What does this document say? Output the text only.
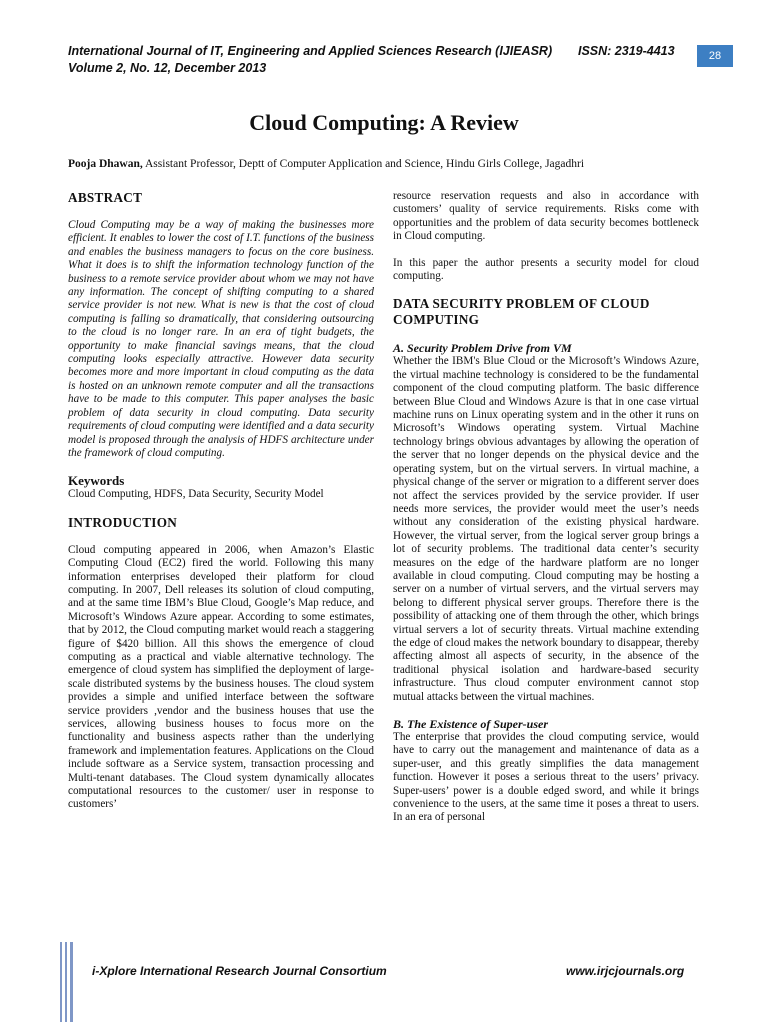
International Journal of IT, Engineering and Applied Sciences Research (IJIEASR)
Volume 2, No. 12, December 2013
ISSN: 2319-4413	28
Cloud Computing: A Review
Pooja Dhawan, Assistant Professor, Deptt of Computer Application and Science, Hindu Girls College, Jagadhri
ABSTRACT

Cloud Computing may be a way of making the businesses more efficient. It enables to lower the cost of I.T. functions of the business and enables the business managers to focus on the core business. What it does is to shift the information technology function of the business to a remote service provider about whom we may not have any information. The concept of shifting computing to a shared service provider is not new. What is new is that the cost of cloud computing is falling so dramatically, that considering outsourcing to the cloud is no longer rare. In an era of tight budgets, the opportunity to make financial savings means, that the cloud computing looks especially attractive. However data security becomes more and more important in cloud computing as the data is hosted on an unknown remote computer and all the transactions have to be made to this computer. This paper analyses the basic problem of data security in cloud computing. Data security requirements of cloud computing were identified and a data security model is proposed through the analysis of HDFS architecture under the framework of cloud computing.

Keywords

Cloud Computing, HDFS, Data Security, Security Model

INTRODUCTION

Cloud computing appeared in 2006, when Amazon’s Elastic Computing Cloud (EC2) fired the world. Following this many information enterprises developed their platform for cloud computing. In 2007, Dell releases its solution of cloud computing, and at the same time IBM’s Blue Cloud, Google’s Map reduce, and Microsoft’s Windows Azure appear. According to some estimates, that by 2012, the Cloud computing market would reach a staggering figure of $420 billion. All this shows the emergence of cloud computing as a practical and viable alternative technology. The emergence of cloud system has simplified the deployment of large-scale distributed systems by the business houses. The cloud system provides a simple and unified interface between the software service providers ,vendor and the business houses that use the services, allowing business houses to focus more on the functionality and business aspects rather than the underlying framework and implementation features. Applications on the Cloud include software as a Service system, transaction processing and Multi-tenant databases. The Cloud system dynamically allocates computational resources to the customer/ user in response to customers’

resource reservation requests and also in accordance with customers’ quality of service requirements. Risks come with opportunities and the problem of data security becomes bottleneck in Cloud computing.

In this paper the author presents a security model for cloud computing.

DATA SECURITY PROBLEM OF CLOUD COMPUTING
A. Security Problem Drive from VM

Whether the IBM's Blue Cloud or the Microsoft’s Windows Azure, the virtual machine technology is considered to be the fundamental component of the cloud computing platform. The basic difference between Blue Cloud and Windows Azure is that in one case virtual machine runs on Linux operating system and in the other it runs on Microsoft’s Windows operating system. Virtual Machine technology brings obvious advantages by allowing the operation of the server that no longer depends on the physical device and the operating system, but on the virtual servers. In virtual machine, a physical change of the server or migration to a different server does not affect the services provided by the service provider. If user needs more services, the provider would meet the user’s needs without any consideration of the existing physical hardware. However, the virtual server, from the logical server group brings a lot of security problems. The traditional data center’s security measures on the edge of the hardware platform are no longer available in cloud computing. Cloud computing may be hosting a server on a number of virtual servers, and the virtual servers may belong to different physical server groups. Therefore there is the possibility of attacking one of them through the other, which brings virtual servers a lot of security threats. Virtual machine extending the edge of cloud makes the network boundary to disappear, thereby affecting almost all aspects of security, in the absence of the traditional physical isolation and hardware-based security infrastructure. Thus cloud computer environment cannot stop mutual attacks between the virtual machines.

B. The Existence of Super-user

The enterprise that provides the cloud computing service, would have to carry out the management and maintenance of data as a super-user, and this greatly simplifies the data management function. However it poses a serious threat to the users’ privacy. Super-users’ power is a double edged sword, and while it brings convenience to the users, at the same time it poses a threat to users. In an era of personal

i-Xplore International Research Journal Consortium	www.irjcjournals.org
